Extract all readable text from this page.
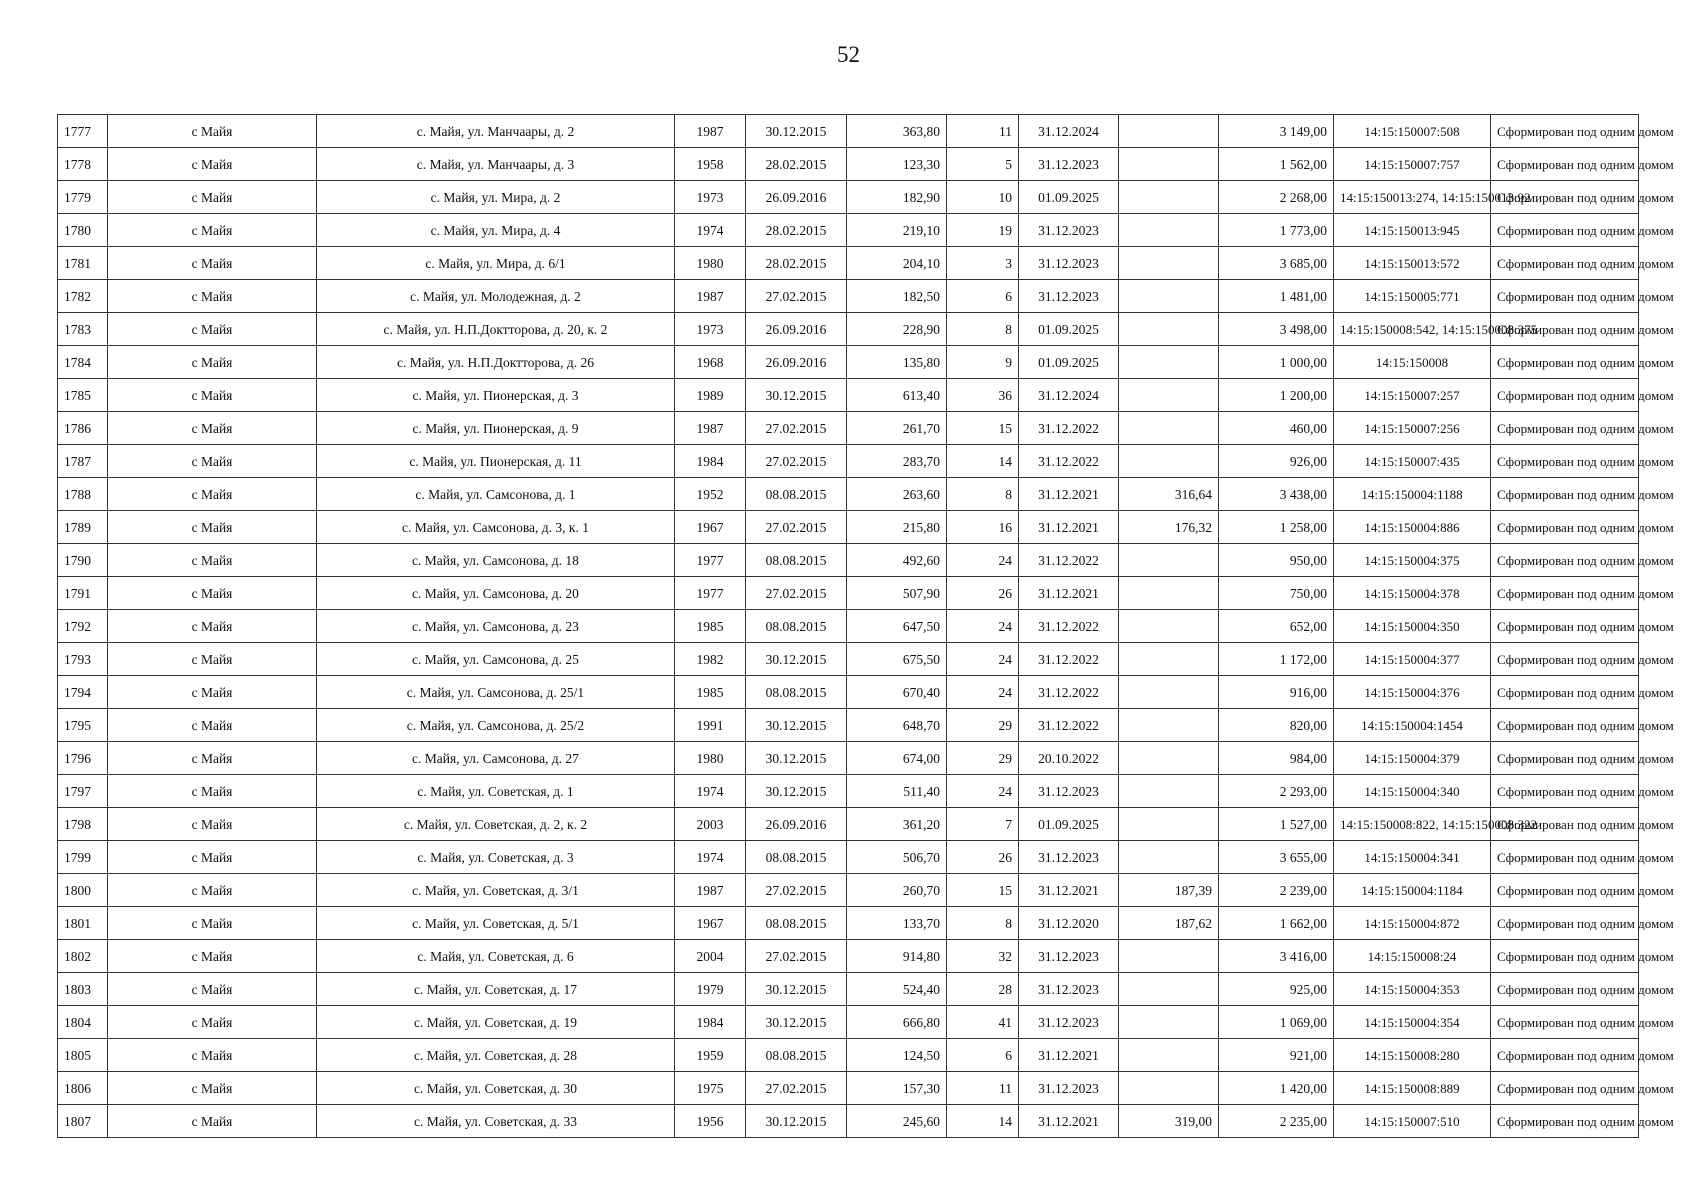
52
1777	с Майя	с. Майя, ул. Манчаары, д. 2	1987	30.12.2015	363,80	11	31.12.2024		3 149,00	14:15:150007:508	Сформирован под одним домом
1778	с Майя	с. Майя, ул. Манчаары, д. 3	1958	28.02.2015	123,30	5	31.12.2023		1 562,00	14:15:150007:757	Сформирован под одним домом
1779	с Майя	с. Майя, ул. Мира, д. 2	1973	26.09.2016	182,90	10	01.09.2025		2 268,00	14:15:150013:274, 14:15:150013:92	Сформирован под одним домом
1780	с Майя	с. Майя, ул. Мира, д. 4	1974	28.02.2015	219,10	19	31.12.2023		1 773,00	14:15:150013:945	Сформирован под одним домом
1781	с Майя	с. Майя, ул. Мира, д. 6/1	1980	28.02.2015	204,10	3	31.12.2023		3 685,00	14:15:150013:572	Сформирован под одним домом
1782	с Майя	с. Майя, ул. Молодежная, д. 2	1987	27.02.2015	182,50	6	31.12.2023		1 481,00	14:15:150005:771	Сформирован под одним домом
1783	с Майя	с. Майя, ул. Н.П.Доктторова, д. 20, к. 2	1973	26.09.2016	228,90	8	01.09.2025		3 498,00	14:15:150008:542, 14:15:150008:375	Сформирован под одним домом
1784	с Майя	с. Майя, ул. Н.П.Доктторова, д. 26	1968	26.09.2016	135,80	9	01.09.2025		1 000,00	14:15:150008	Сформирован под одним домом
1785	с Майя	с. Майя, ул. Пионерская, д. 3	1989	30.12.2015	613,40	36	31.12.2024		1 200,00	14:15:150007:257	Сформирован под одним домом
1786	с Майя	с. Майя, ул. Пионерская, д. 9	1987	27.02.2015	261,70	15	31.12.2022		460,00	14:15:150007:256	Сформирован под одним домом
1787	с Майя	с. Майя, ул. Пионерская, д. 11	1984	27.02.2015	283,70	14	31.12.2022		926,00	14:15:150007:435	Сформирован под одним домом
1788	с Майя	с. Майя, ул. Самсонова, д. 1	1952	08.08.2015	263,60	8	31.12.2021	316,64	3 438,00	14:15:150004:1188	Сформирован под одним домом
1789	с Майя	с. Майя, ул. Самсонова, д. 3, к. 1	1967	27.02.2015	215,80	16	31.12.2021	176,32	1 258,00	14:15:150004:886	Сформирован под одним домом
1790	с Майя	с. Майя, ул. Самсонова, д. 18	1977	08.08.2015	492,60	24	31.12.2022		950,00	14:15:150004:375	Сформирован под одним домом
1791	с Майя	с. Майя, ул. Самсонова, д. 20	1977	27.02.2015	507,90	26	31.12.2021		750,00	14:15:150004:378	Сформирован под одним домом
1792	с Майя	с. Майя, ул. Самсонова, д. 23	1985	08.08.2015	647,50	24	31.12.2022		652,00	14:15:150004:350	Сформирован под одним домом
1793	с Майя	с. Майя, ул. Самсонова, д. 25	1982	30.12.2015	675,50	24	31.12.2022		1 172,00	14:15:150004:377	Сформирован под одним домом
1794	с Майя	с. Майя, ул. Самсонова, д. 25/1	1985	08.08.2015	670,40	24	31.12.2022		916,00	14:15:150004:376	Сформирован под одним домом
1795	с Майя	с. Майя, ул. Самсонова, д. 25/2	1991	30.12.2015	648,70	29	31.12.2022		820,00	14:15:150004:1454	Сформирован под одним домом
1796	с Майя	с. Майя, ул. Самсонова, д. 27	1980	30.12.2015	674,00	29	20.10.2022		984,00	14:15:150004:379	Сформирован под одним домом
1797	с Майя	с. Майя, ул. Советская, д. 1	1974	30.12.2015	511,40	24	31.12.2023		2 293,00	14:15:150004:340	Сформирован под одним домом
1798	с Майя	с. Майя, ул. Советская, д. 2, к. 2	2003	26.09.2016	361,20	7	01.09.2025		1 527,00	14:15:150008:822, 14:15:150008:322	Сформирован под одним домом
1799	с Майя	с. Майя, ул. Советская, д. 3	1974	08.08.2015	506,70	26	31.12.2023		3 655,00	14:15:150004:341	Сформирован под одним домом
1800	с Майя	с. Майя, ул. Советская, д. 3/1	1987	27.02.2015	260,70	15	31.12.2021	187,39	2 239,00	14:15:150004:1184	Сформирован под одним домом
1801	с Майя	с. Майя, ул. Советская, д. 5/1	1967	08.08.2015	133,70	8	31.12.2020	187,62	1 662,00	14:15:150004:872	Сформирован под одним домом
1802	с Майя	с. Майя, ул. Советская, д. 6	2004	27.02.2015	914,80	32	31.12.2023		3 416,00	14:15:150008:24	Сформирован под одним домом
1803	с Майя	с. Майя, ул. Советская, д. 17	1979	30.12.2015	524,40	28	31.12.2023		925,00	14:15:150004:353	Сформирован под одним домом
1804	с Майя	с. Майя, ул. Советская, д. 19	1984	30.12.2015	666,80	41	31.12.2023		1 069,00	14:15:150004:354	Сформирован под одним домом
1805	с Майя	с. Майя, ул. Советская, д. 28	1959	08.08.2015	124,50	6	31.12.2021		921,00	14:15:150008:280	Сформирован под одним домом
1806	с Майя	с. Майя, ул. Советская, д. 30	1975	27.02.2015	157,30	11	31.12.2023		1 420,00	14:15:150008:889	Сформирован под одним домом
1807	с Майя	с. Майя, ул. Советская, д. 33	1956	30.12.2015	245,60	14	31.12.2021	319,00	2 235,00	14:15:150007:510	Сформирован под одним домом
